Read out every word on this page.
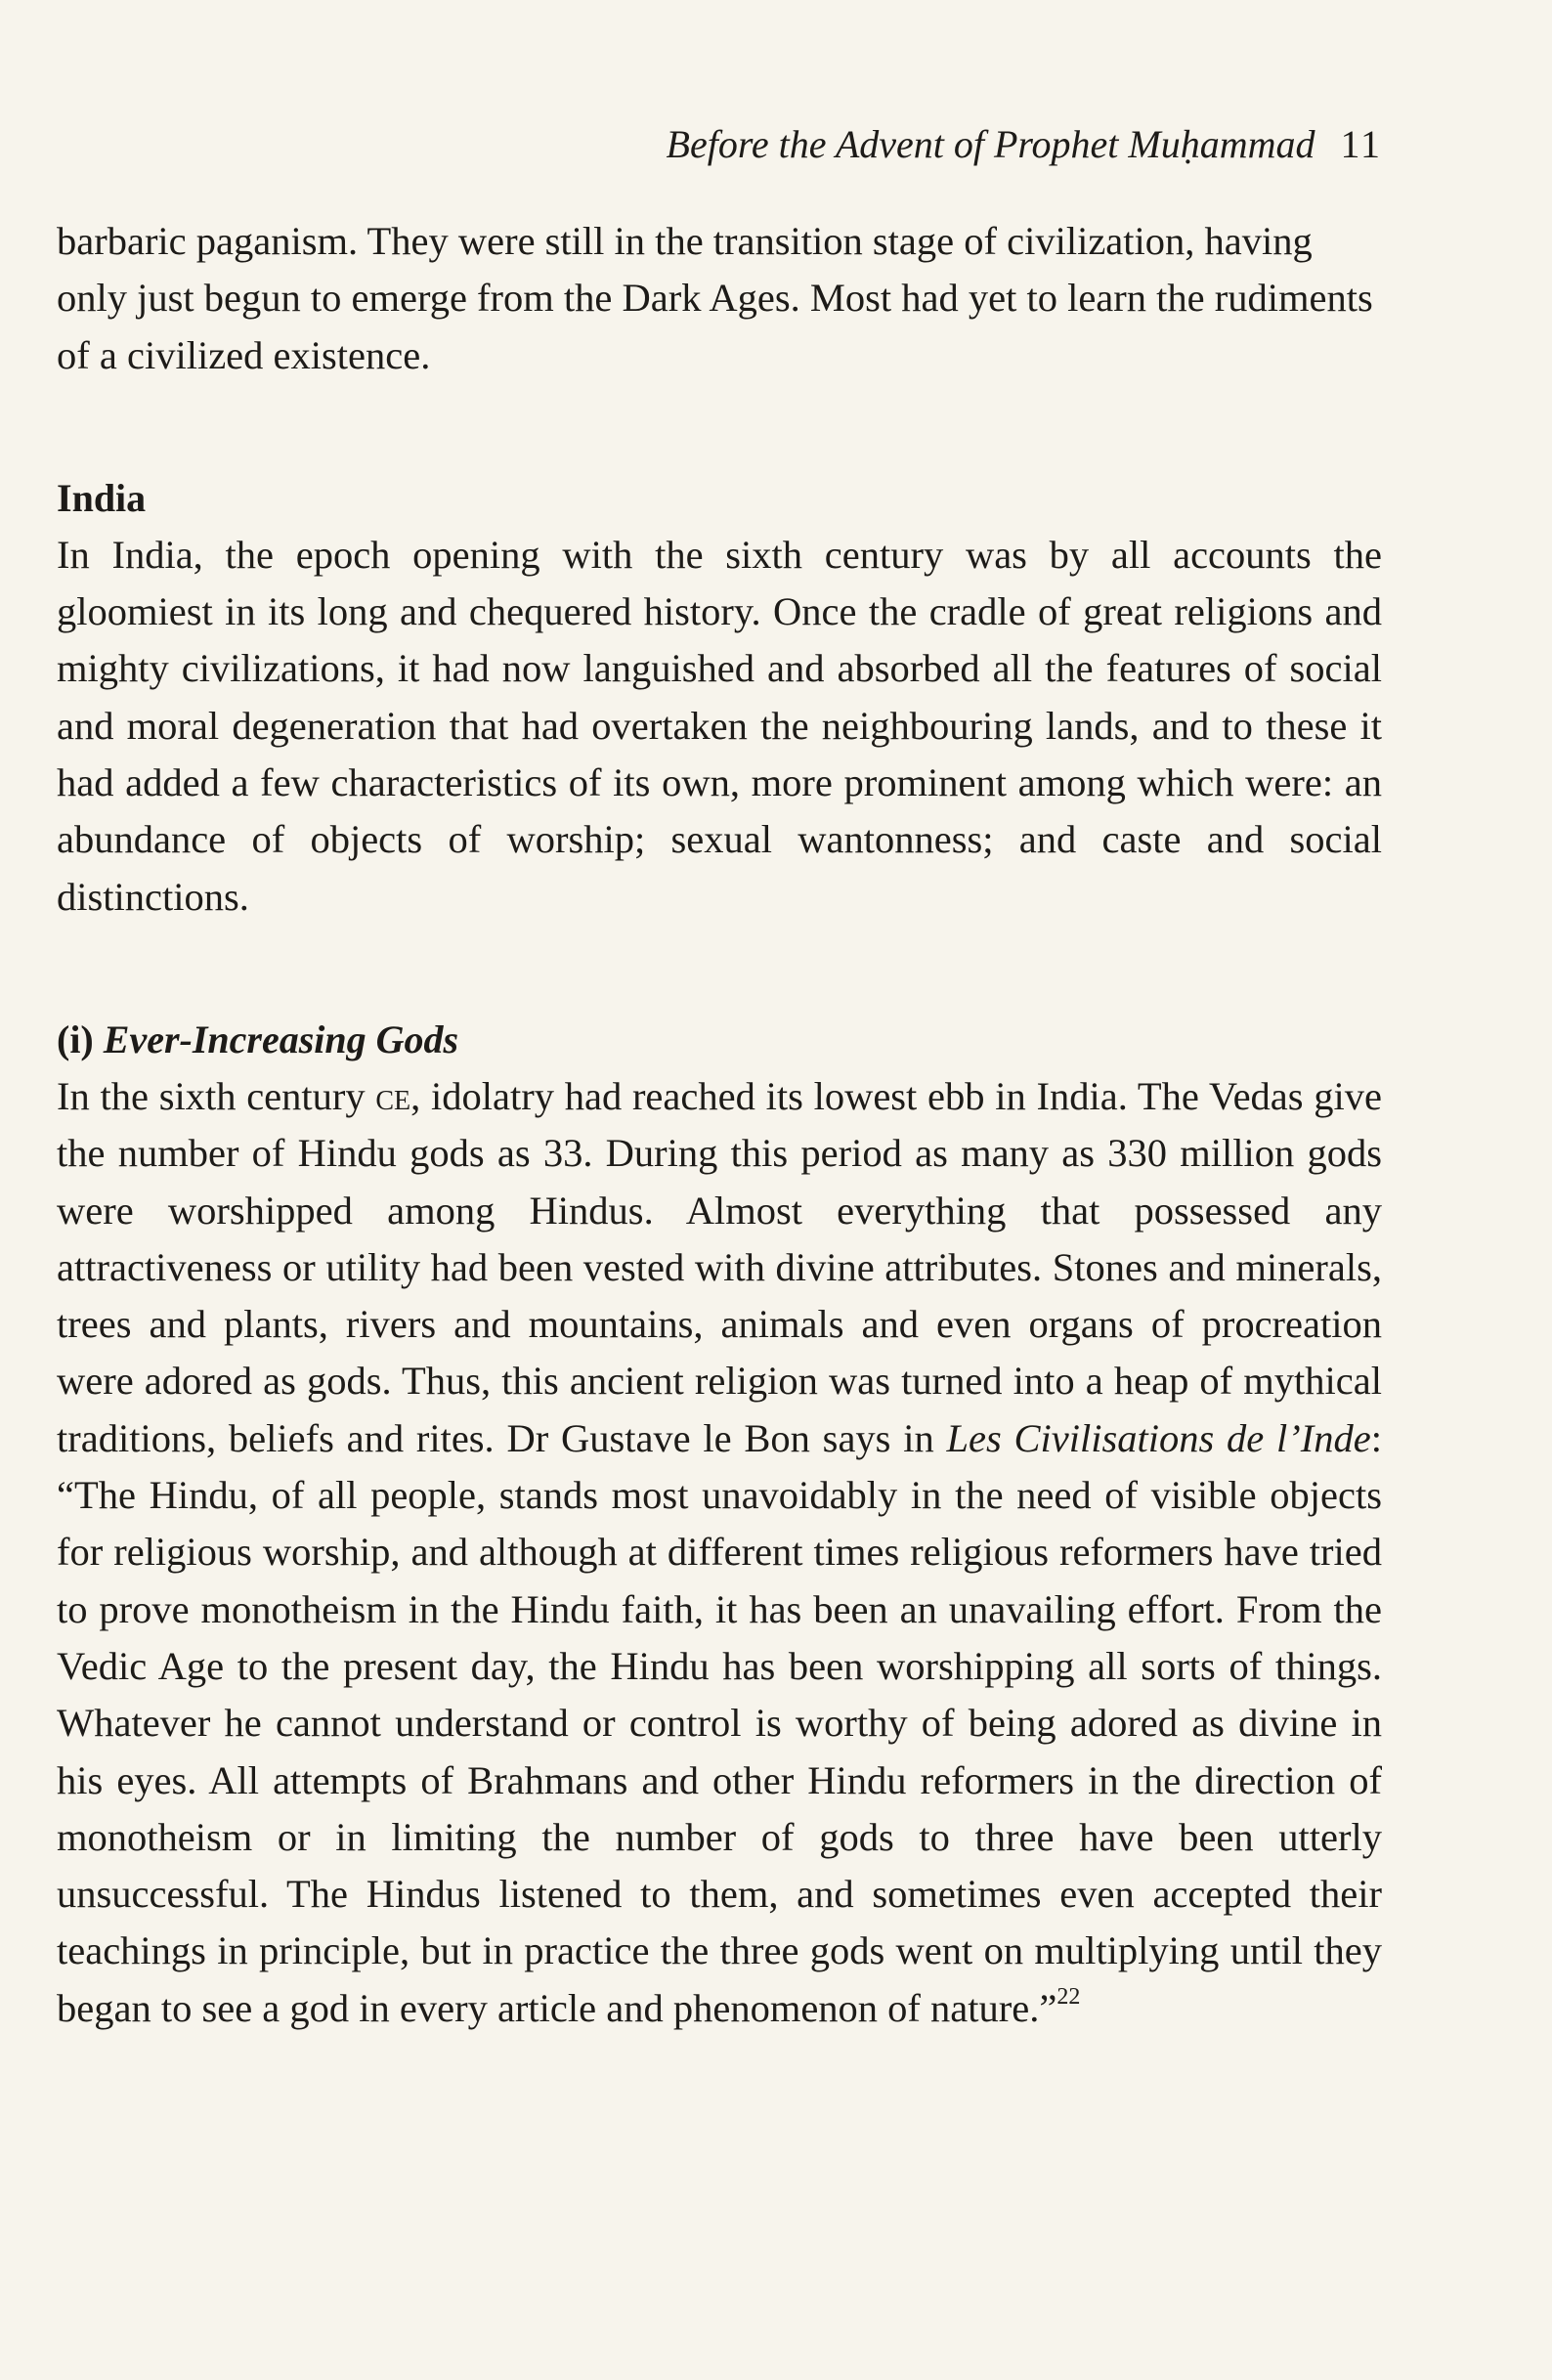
Before the Advent of Prophet Muḥammad 11

barbaric paganism. They were still in the transition stage of civilization, having only just begun to emerge from the Dark Ages. Most had yet to learn the rudiments of a civilized existence.

India

In India, the epoch opening with the sixth century was by all accounts the gloomiest in its long and chequered history. Once the cradle of great religions and mighty civilizations, it had now languished and absorbed all the features of social and moral degeneration that had overtaken the neighbouring lands, and to these it had added a few characteristics of its own, more prominent among which were: an abundance of objects of worship; sexual wantonness; and caste and social distinctions.

(i) Ever-Increasing Gods

In the sixth century ce, idolatry had reached its lowest ebb in India. The Vedas give the number of Hindu gods as 33. During this period as many as 330 million gods were worshipped among Hindus. Almost everything that possessed any attractiveness or utility had been vested with divine attributes. Stones and minerals, trees and plants, rivers and mountains, animals and even organs of procreation were adored as gods. Thus, this ancient religion was turned into a heap of mythical traditions, beliefs and rites. Dr Gustave le Bon says in Les Civilisations de l’Inde: “The Hindu, of all people, stands most unavoidably in the need of visible objects for religious worship, and although at different times religious reformers have tried to prove monotheism in the Hindu faith, it has been an unavailing effort. From the Vedic Age to the present day, the Hindu has been worshipping all sorts of things. Whatever he cannot understand or control is worthy of being adored as divine in his eyes. All attempts of Brahmans and other Hindu reformers in the direction of monotheism or in limiting the number of gods to three have been utterly unsuccessful. The Hindus listened to them, and sometimes even accepted their teachings in principle, but in practice the three gods went on multiplying until they began to see a god in every article and phenomenon of nature.”$^{22}$
